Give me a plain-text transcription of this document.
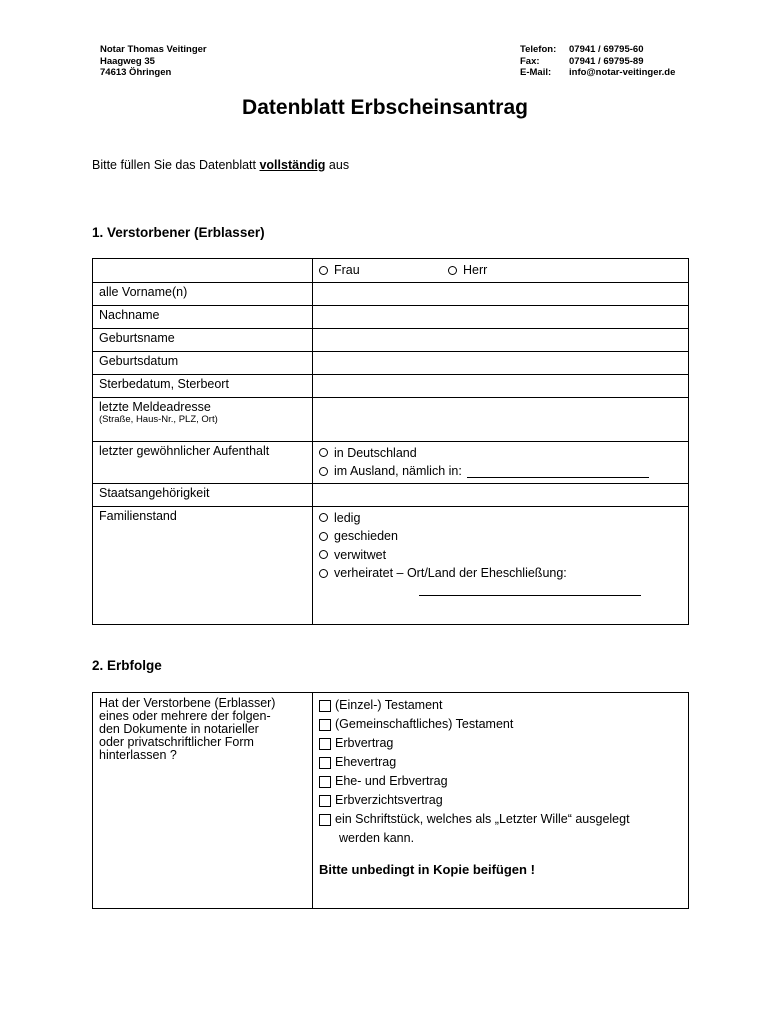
Notar Thomas Veitinger
Haagweg 35
74613 Öhringen
Telefon:	07941 / 69795-60
Fax:	07941 / 69795-89
E-Mail:	info@notar-veitinger.de
Datenblatt Erbscheinsantrag
Bitte füllen Sie das Datenblatt vollständig aus
1. Verstorbener (Erblasser)

	Frau Herr

alle Vorname(n)	
Nachname	
Geburtsname	
Geburtsdatum	
Sterbedatum, Sterbeort	

letzte Meldeadresse
(Straße, Haus-Nr., PLZ, Ort)	

letzter gewöhnlicher Aufenthalt	in Deutschland
im Ausland, nämlich in:

Staatsangehörigkeit	
Familienstand	ledig
geschieden
verwitwet
verheiratet – Ort/Land der Eheschließung:
2. Erbfolge
Hat der Verstorbene (Erblasser)
eines oder mehrere der folgen-
den Dokumente in notarieller
oder privatschriftlicher Form
hinterlassen ?

(Einzel-) Testament
(Gemeinschaftliches) Testament
Erbvertrag
Ehevertrag
Ehe- und Erbvertrag
Erbverzichtsvertrag
ein Schriftstück, welches als „Letzter Wille“ ausgelegt
werden kann.
Bitte unbedingt in Kopie beifügen !
